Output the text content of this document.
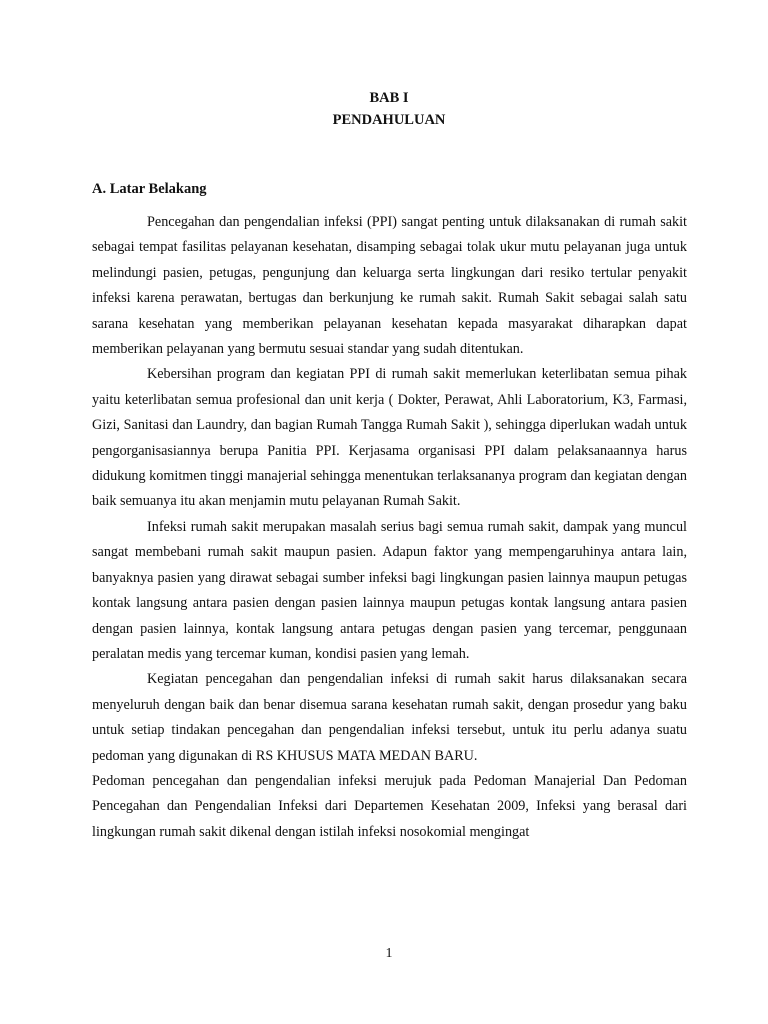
BAB I
PENDAHULUAN
A. Latar Belakang

Pencegahan dan pengendalian infeksi (PPI) sangat penting untuk dilaksanakan di rumah sakit sebagai tempat fasilitas pelayanan kesehatan, disamping sebagai tolak ukur mutu pelayanan juga untuk melindungi pasien, petugas, pengunjung dan keluarga serta lingkungan dari resiko tertular penyakit infeksi karena perawatan, bertugas dan berkunjung ke rumah sakit. Rumah Sakit sebagai salah satu sarana kesehatan yang memberikan pelayanan kesehatan kepada masyarakat diharapkan dapat memberikan pelayanan yang bermutu sesuai standar yang sudah ditentukan.

Kebersihan program dan kegiatan PPI di rumah sakit memerlukan keterlibatan semua pihak yaitu keterlibatan semua profesional dan unit kerja ( Dokter, Perawat, Ahli Laboratorium, K3, Farmasi, Gizi, Sanitasi dan Laundry, dan bagian Rumah Tangga Rumah Sakit ), sehingga diperlukan wadah untuk pengorganisasiannya berupa Panitia PPI. Kerjasama organisasi PPI dalam pelaksanaannya harus didukung komitmen tinggi manajerial sehingga menentukan terlaksananya program dan kegiatan dengan baik semuanya itu akan menjamin mutu pelayanan Rumah Sakit.

Infeksi rumah sakit merupakan masalah serius bagi semua rumah sakit, dampak yang muncul sangat membebani rumah sakit maupun pasien. Adapun faktor yang mempengaruhinya antara lain, banyaknya pasien yang dirawat sebagai sumber infeksi bagi lingkungan pasien lainnya maupun petugas kontak langsung antara pasien dengan pasien lainnya maupun petugas kontak langsung antara pasien dengan pasien lainnya, kontak langsung antara petugas dengan pasien yang tercemar, penggunaan peralatan medis yang tercemar kuman, kondisi pasien yang lemah.

Kegiatan pencegahan dan pengendalian infeksi di rumah sakit harus dilaksanakan secara menyeluruh dengan baik dan benar disemua sarana kesehatan rumah sakit, dengan prosedur yang baku untuk setiap tindakan pencegahan dan pengendalian infeksi tersebut, untuk itu perlu adanya suatu pedoman yang digunakan di RS KHUSUS MATA MEDAN BARU.

Pedoman pencegahan dan pengendalian infeksi merujuk pada Pedoman Manajerial Dan Pedoman Pencegahan dan Pengendalian Infeksi dari Departemen Kesehatan 2009, Infeksi yang berasal dari lingkungan rumah sakit dikenal dengan istilah infeksi nosokomial mengingat

1
